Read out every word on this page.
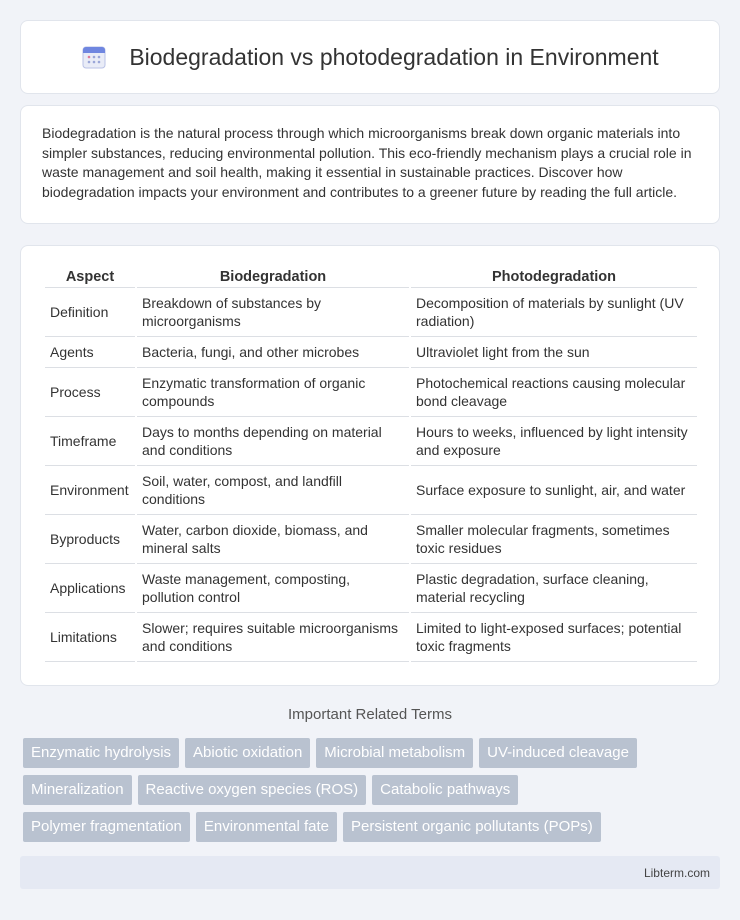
Biodegradation vs photodegradation in Environment

Biodegradation is the natural process through which microorganisms break down organic materials into simpler substances, reducing environmental pollution. This eco-friendly mechanism plays a crucial role in waste management and soil health, making it essential in sustainable practices. Discover how biodegradation impacts your environment and contributes to a greener future by reading the full article.

Aspect	Biodegradation	Photodegradation
Definition	Breakdown of substances by microorganisms	Decomposition of materials by sunlight (UV radiation)
Agents	Bacteria, fungi, and other microbes	Ultraviolet light from the sun
Process	Enzymatic transformation of organic compounds	Photochemical reactions causing molecular bond cleavage
Timeframe	Days to months depending on material and conditions	Hours to weeks, influenced by light intensity and exposure
Environment	Soil, water, compost, and landfill conditions	Surface exposure to sunlight, air, and water
Byproducts	Water, carbon dioxide, biomass, and mineral salts	Smaller molecular fragments, sometimes toxic residues
Applications	Waste management, composting, pollution control	Plastic degradation, surface cleaning, material recycling
Limitations	Slower; requires suitable microorganisms and conditions	Limited to light-exposed surfaces; potential toxic fragments
Important Related Terms
Enzymatic hydrolysis	Abiotic oxidation	Microbial metabolism	UV-induced cleavage
Mineralization	Reactive oxygen species (ROS)	Catabolic pathways
Polymer fragmentation	Environmental fate	Persistent organic pollutants (POPs)
Libterm.com
